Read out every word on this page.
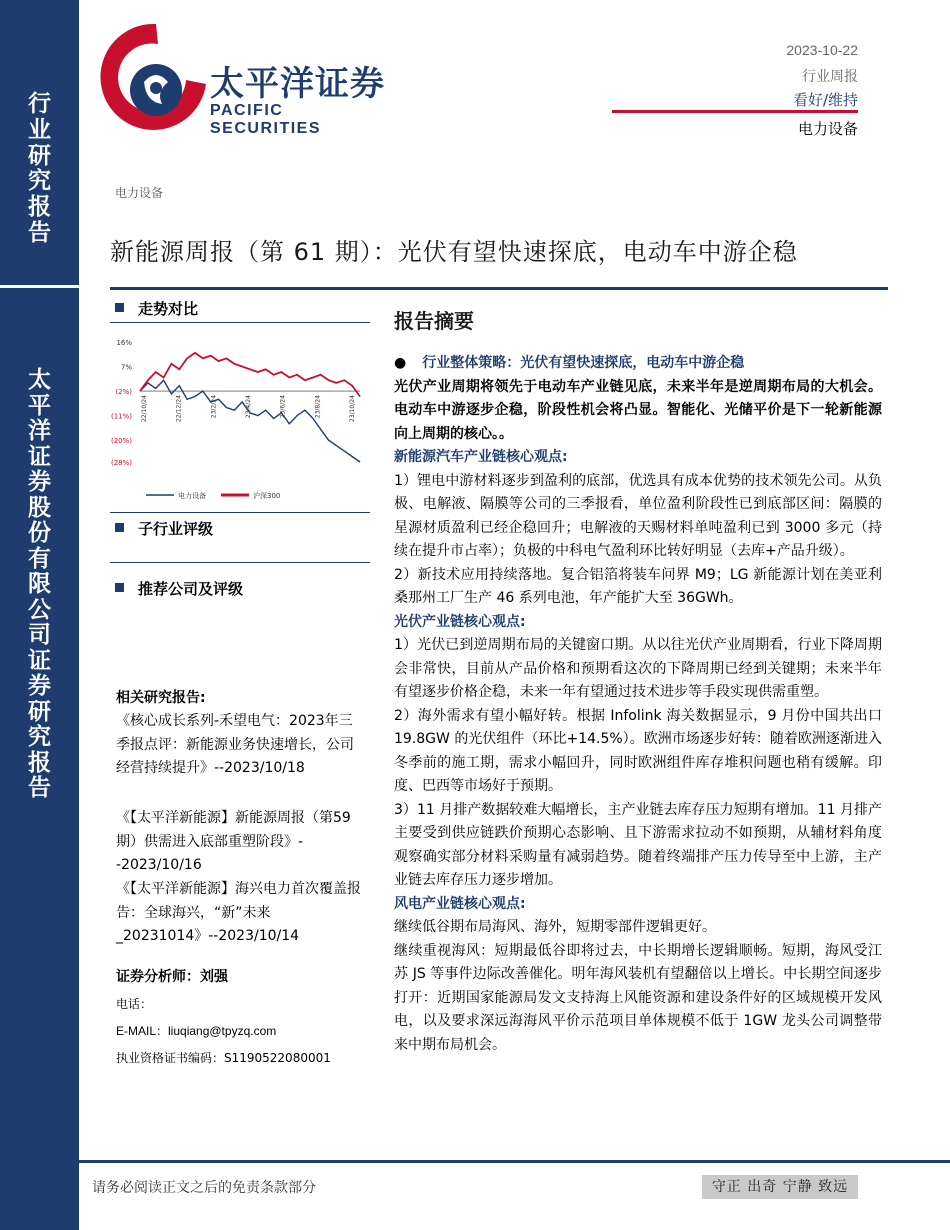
行
业
研
究
报
告
太
平
洋
证
券
股
份
有
限
公
司
证
券
研
究
报
告
太平洋证券
PACIFIC SECURITIES
2023-10-22
行业周报
看好/维持
电力设备
电力设备
新能源周报（第 61 期）：光伏有望快速探底，电动车中游企稳
走势对比
16%
7%
(2%)
(11%)
(20%)
(28%)
22/10/24	22/12/24	23/2/24	23/4/24	23/6/24	23/8/24	23/10/24
电力设备	沪深300
子行业评级
推荐公司及评级
相关研究报告:
《核心成长系列-禾望电气：2023年三季报点评：新能源业务快速增长，公司经营持续提升》--2023/10/18
《【太平洋新能源】新能源周报（第59期）供需进入底部重塑阶段》--2023/10/16
《【太平洋新能源】海兴电力首次覆盖报告：全球海兴，“新”未来_20231014》--2023/10/14
证券分析师：刘强
电话：
E-MAIL：liuqiang@tpyzq.com
执业资格证书编码：S1190522080001
报告摘要

● 行业整体策略：光伏有望快速探底，电动车中游企稳

光伏产业周期将领先于电动车产业链见底，未来半年是逆周期布局的大机会。电动车中游逐步企稳，阶段性机会将凸显。智能化、光储平价是下一轮新能源向上周期的核心。。

新能源汽车产业链核心观点:

1）锂电中游材料逐步到盈利的底部，优选具有成本优势的技术领先公司。从负极、电解液、隔膜等公司的三季报看，单位盈利阶段性已到底部区间：隔膜的星源材质盈利已经企稳回升；电解液的天赐材料单吨盈利已到 3000 多元（持续在提升市占率）；负极的中科电气盈利环比转好明显（去库+产品升级）。

2）新技术应用持续落地。复合铝箔将装车问界 M9；LG 新能源计划在美亚利桑那州工厂生产 46 系列电池，年产能扩大至 36GWh。

光伏产业链核心观点:

1）光伏已到逆周期布局的关键窗口期。从以往光伏产业周期看，行业下降周期会非常快，目前从产品价格和预期看这次的下降周期已经到关键期；未来半年有望逐步价格企稳，未来一年有望通过技术进步等手段实现供需重塑。

2）海外需求有望小幅好转。根据 Infolink 海关数据显示，9 月份中国共出口 19.8GW 的光伏组件（环比+14.5%）。欧洲市场逐步好转：随着欧洲逐渐进入冬季前的施工期，需求小幅回升，同时欧洲组件库存堆积问题也稍有缓解。印度、巴西等市场好于预期。

3）11 月排产数据较难大幅增长，主产业链去库存压力短期有增加。11 月排产主要受到供应链跌价预期心态影响、且下游需求拉动不如预期，从辅材料角度观察确实部分材料采购量有减弱趋势。随着终端排产压力传导至中上游，主产业链去库存压力逐步增加。

风电产业链核心观点:

继续低谷期布局海风、海外，短期零部件逻辑更好。

继续重视海风：短期最低谷即将过去，中长期增长逻辑顺畅。短期，海风受江苏 JS 等事件边际改善催化。明年海风装机有望翻倍以上增长。中长期空间逐步打开：近期国家能源局发文支持海上风能资源和建设条件好的区域规模开发风电，以及要求深远海海风平价示范项目单体规模不低于 1GW 龙头公司调整带来中期布局机会。

请务必阅读正文之后的免责条款部分	守正 出奇 宁静 致远
